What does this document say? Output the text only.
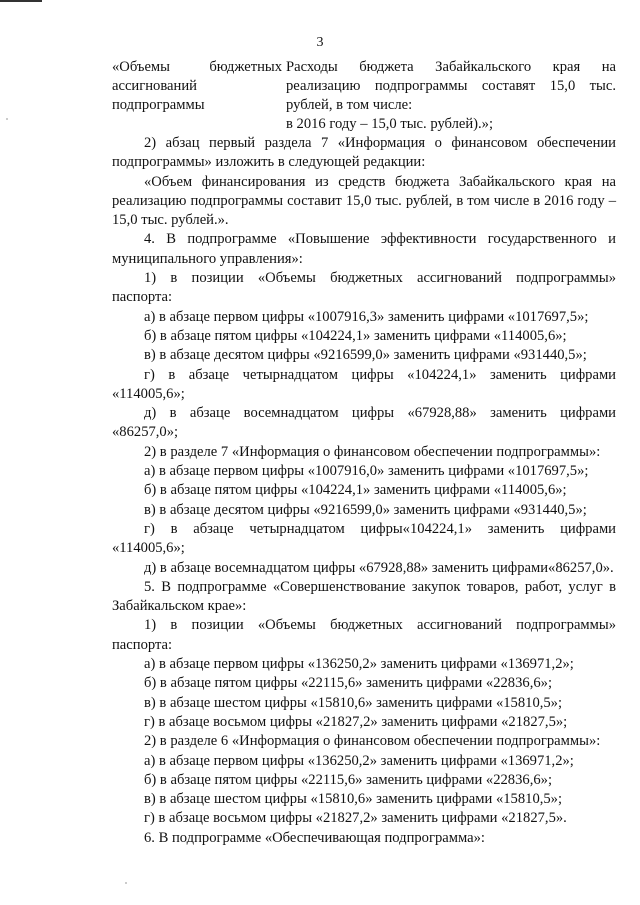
3
«Объемы бюджетных
ассигнований
подпрограммы
Расходы бюджета Забайкальского края на
реализацию подпрограммы составят 15,0 тыс.
рублей, в том числе:
в 2016 году – 15,0 тыс. рублей).»;
2) абзац первый раздела 7 «Информация о финансовом обеспечении подпрограммы» изложить в следующей редакции:
«Объем финансирования из средств бюджета Забайкальского края на реализацию подпрограммы составит 15,0 тыс. рублей, в том числе в 2016 году – 15,0 тыс. рублей.».
4. В подпрограмме «Повышение эффективности государственного и муниципального управления»:
1) в позиции «Объемы бюджетных ассигнований подпрограммы» паспорта:
а) в абзаце первом цифры «1007916,3» заменить цифрами «1017697,5»;
б) в абзаце пятом цифры «104224,1» заменить цифрами «114005,6»;
в) в абзаце десятом цифры «9216599,0» заменить цифрами «931440,5»;
г) в абзаце четырнадцатом цифры «104224,1» заменить цифрами «114005,6»;
д) в абзаце восемнадцатом цифры «67928,88» заменить цифрами «86257,0»;
2) в разделе 7 «Информация о финансовом обеспечении подпрограммы»:
а) в абзаце первом цифры «1007916,0» заменить цифрами «1017697,5»;
б) в абзаце пятом цифры «104224,1» заменить цифрами «114005,6»;
в) в абзаце десятом цифры «9216599,0» заменить цифрами «931440,5»;
г) в абзаце четырнадцатом цифры«104224,1» заменить цифрами «114005,6»;
д) в абзаце восемнадцатом цифры «67928,88» заменить цифрами«86257,0».
5. В подпрограмме «Совершенствование закупок товаров, работ, услуг в Забайкальском крае»:
1) в позиции «Объемы бюджетных ассигнований подпрограммы» паспорта:
а) в абзаце первом цифры «136250,2» заменить цифрами «136971,2»;
б) в абзаце пятом цифры «22115,6» заменить цифрами «22836,6»;
в) в абзаце шестом цифры «15810,6» заменить цифрами «15810,5»;
г) в абзаце восьмом цифры «21827,2» заменить цифрами «21827,5»;
2) в разделе 6 «Информация о финансовом обеспечении подпрограммы»:
а) в абзаце первом цифры «136250,2» заменить цифрами «136971,2»;
б) в абзаце пятом цифры «22115,6» заменить цифрами «22836,6»;
в) в абзаце шестом цифры «15810,6» заменить цифрами «15810,5»;
г) в абзаце восьмом цифры «21827,2» заменить цифрами «21827,5».
6. В подпрограмме «Обеспечивающая подпрограмма»:
